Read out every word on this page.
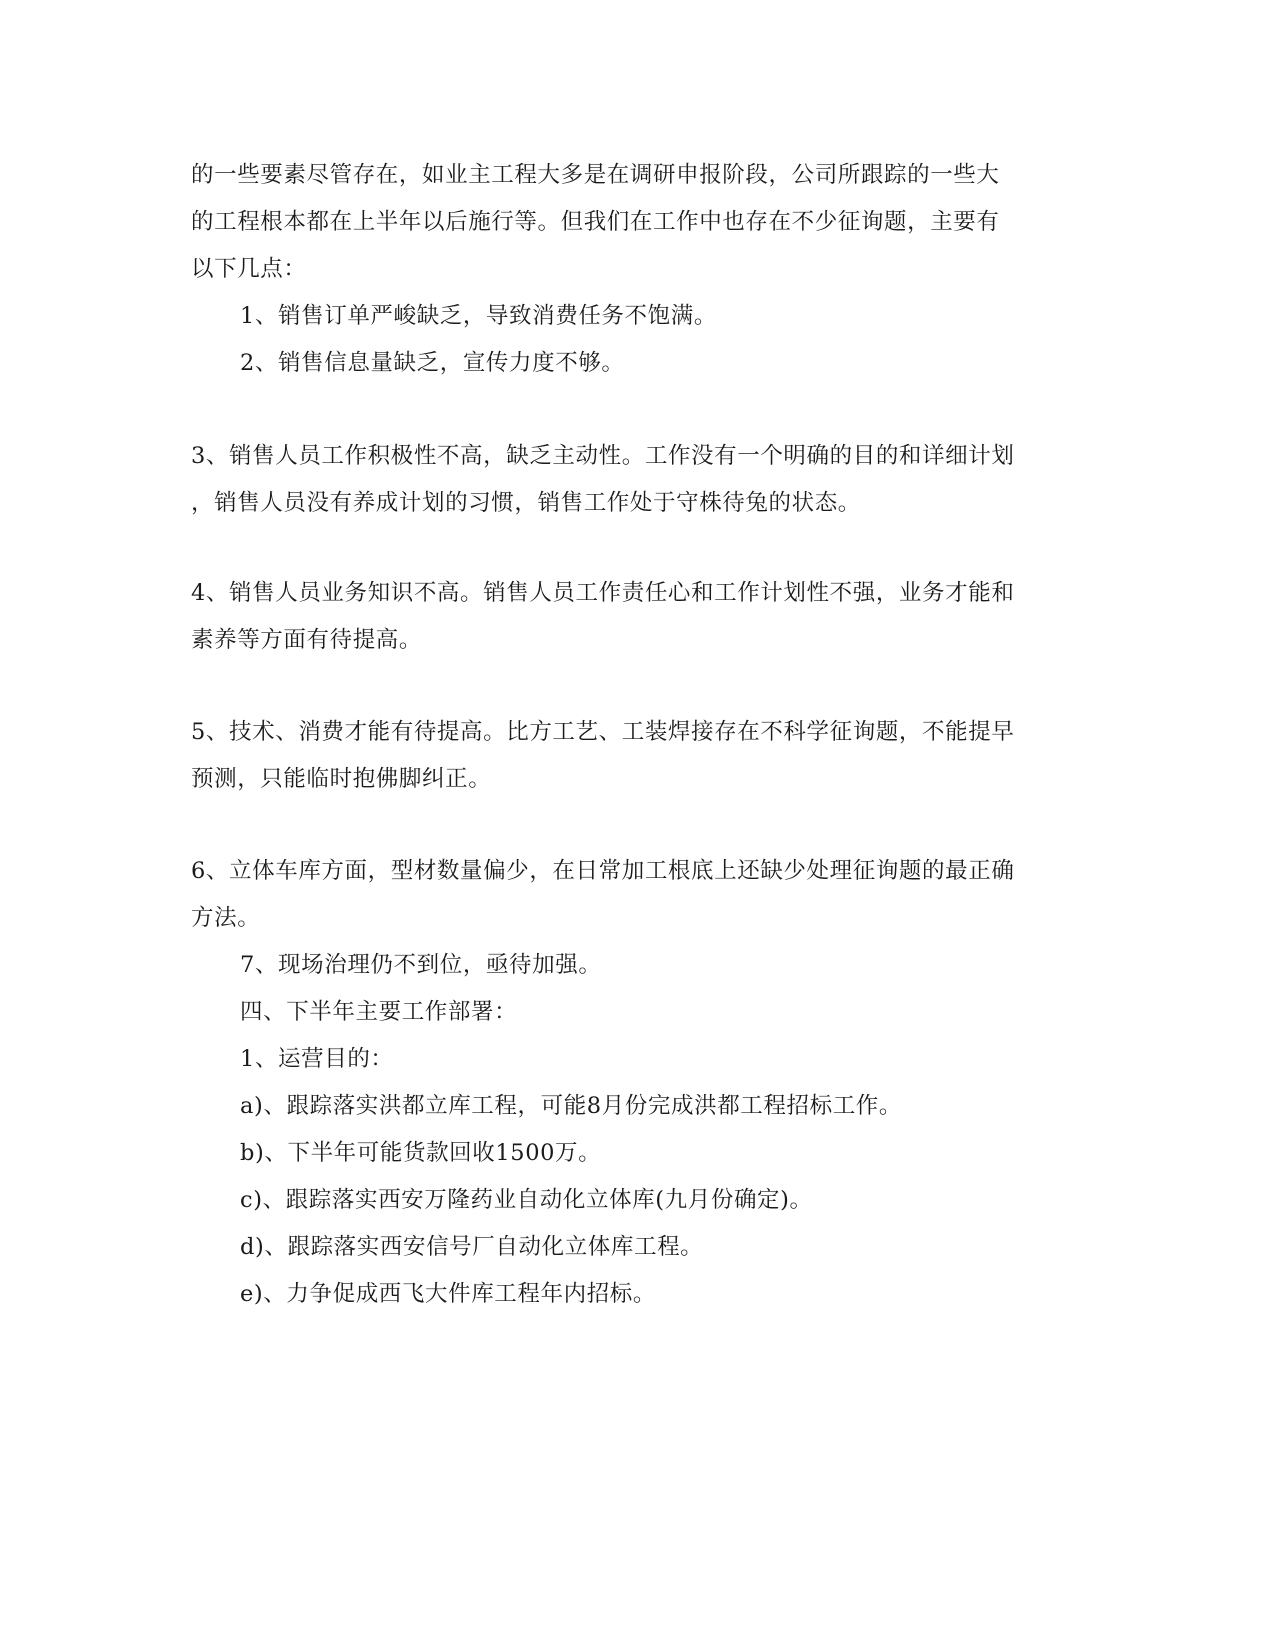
的一些要素尽管存在，如业主工程大多是在调研申报阶段，公司所跟踪的一些大
的工程根本都在上半年以后施行等。但我们在工作中也存在不少征询题，主要有
以下几点：
1、销售订单严峻缺乏，导致消费任务不饱满。
2、销售信息量缺乏，宣传力度不够。
3、销售人员工作积极性不高，缺乏主动性。工作没有一个明确的目的和详细计划
，销售人员没有养成计划的习惯，销售工作处于守株待兔的状态。
4、销售人员业务知识不高。销售人员工作责任心和工作计划性不强，业务才能和
素养等方面有待提高。
5、技术、消费才能有待提高。比方工艺、工装焊接存在不科学征询题，不能提早
预测，只能临时抱佛脚纠正。
6、立体车库方面，型材数量偏少，在日常加工根底上还缺少处理征询题的最正确
方法。
7、现场治理仍不到位，亟待加强。
四、下半年主要工作部署：
1、运营目的：
a)、跟踪落实洪都立库工程，可能8月份完成洪都工程招标工作。
b)、下半年可能货款回收1500万。
c)、跟踪落实西安万隆药业自动化立体库(九月份确定)。
d)、跟踪落实西安信号厂自动化立体库工程。
e)、力争促成西飞大件库工程年内招标。
